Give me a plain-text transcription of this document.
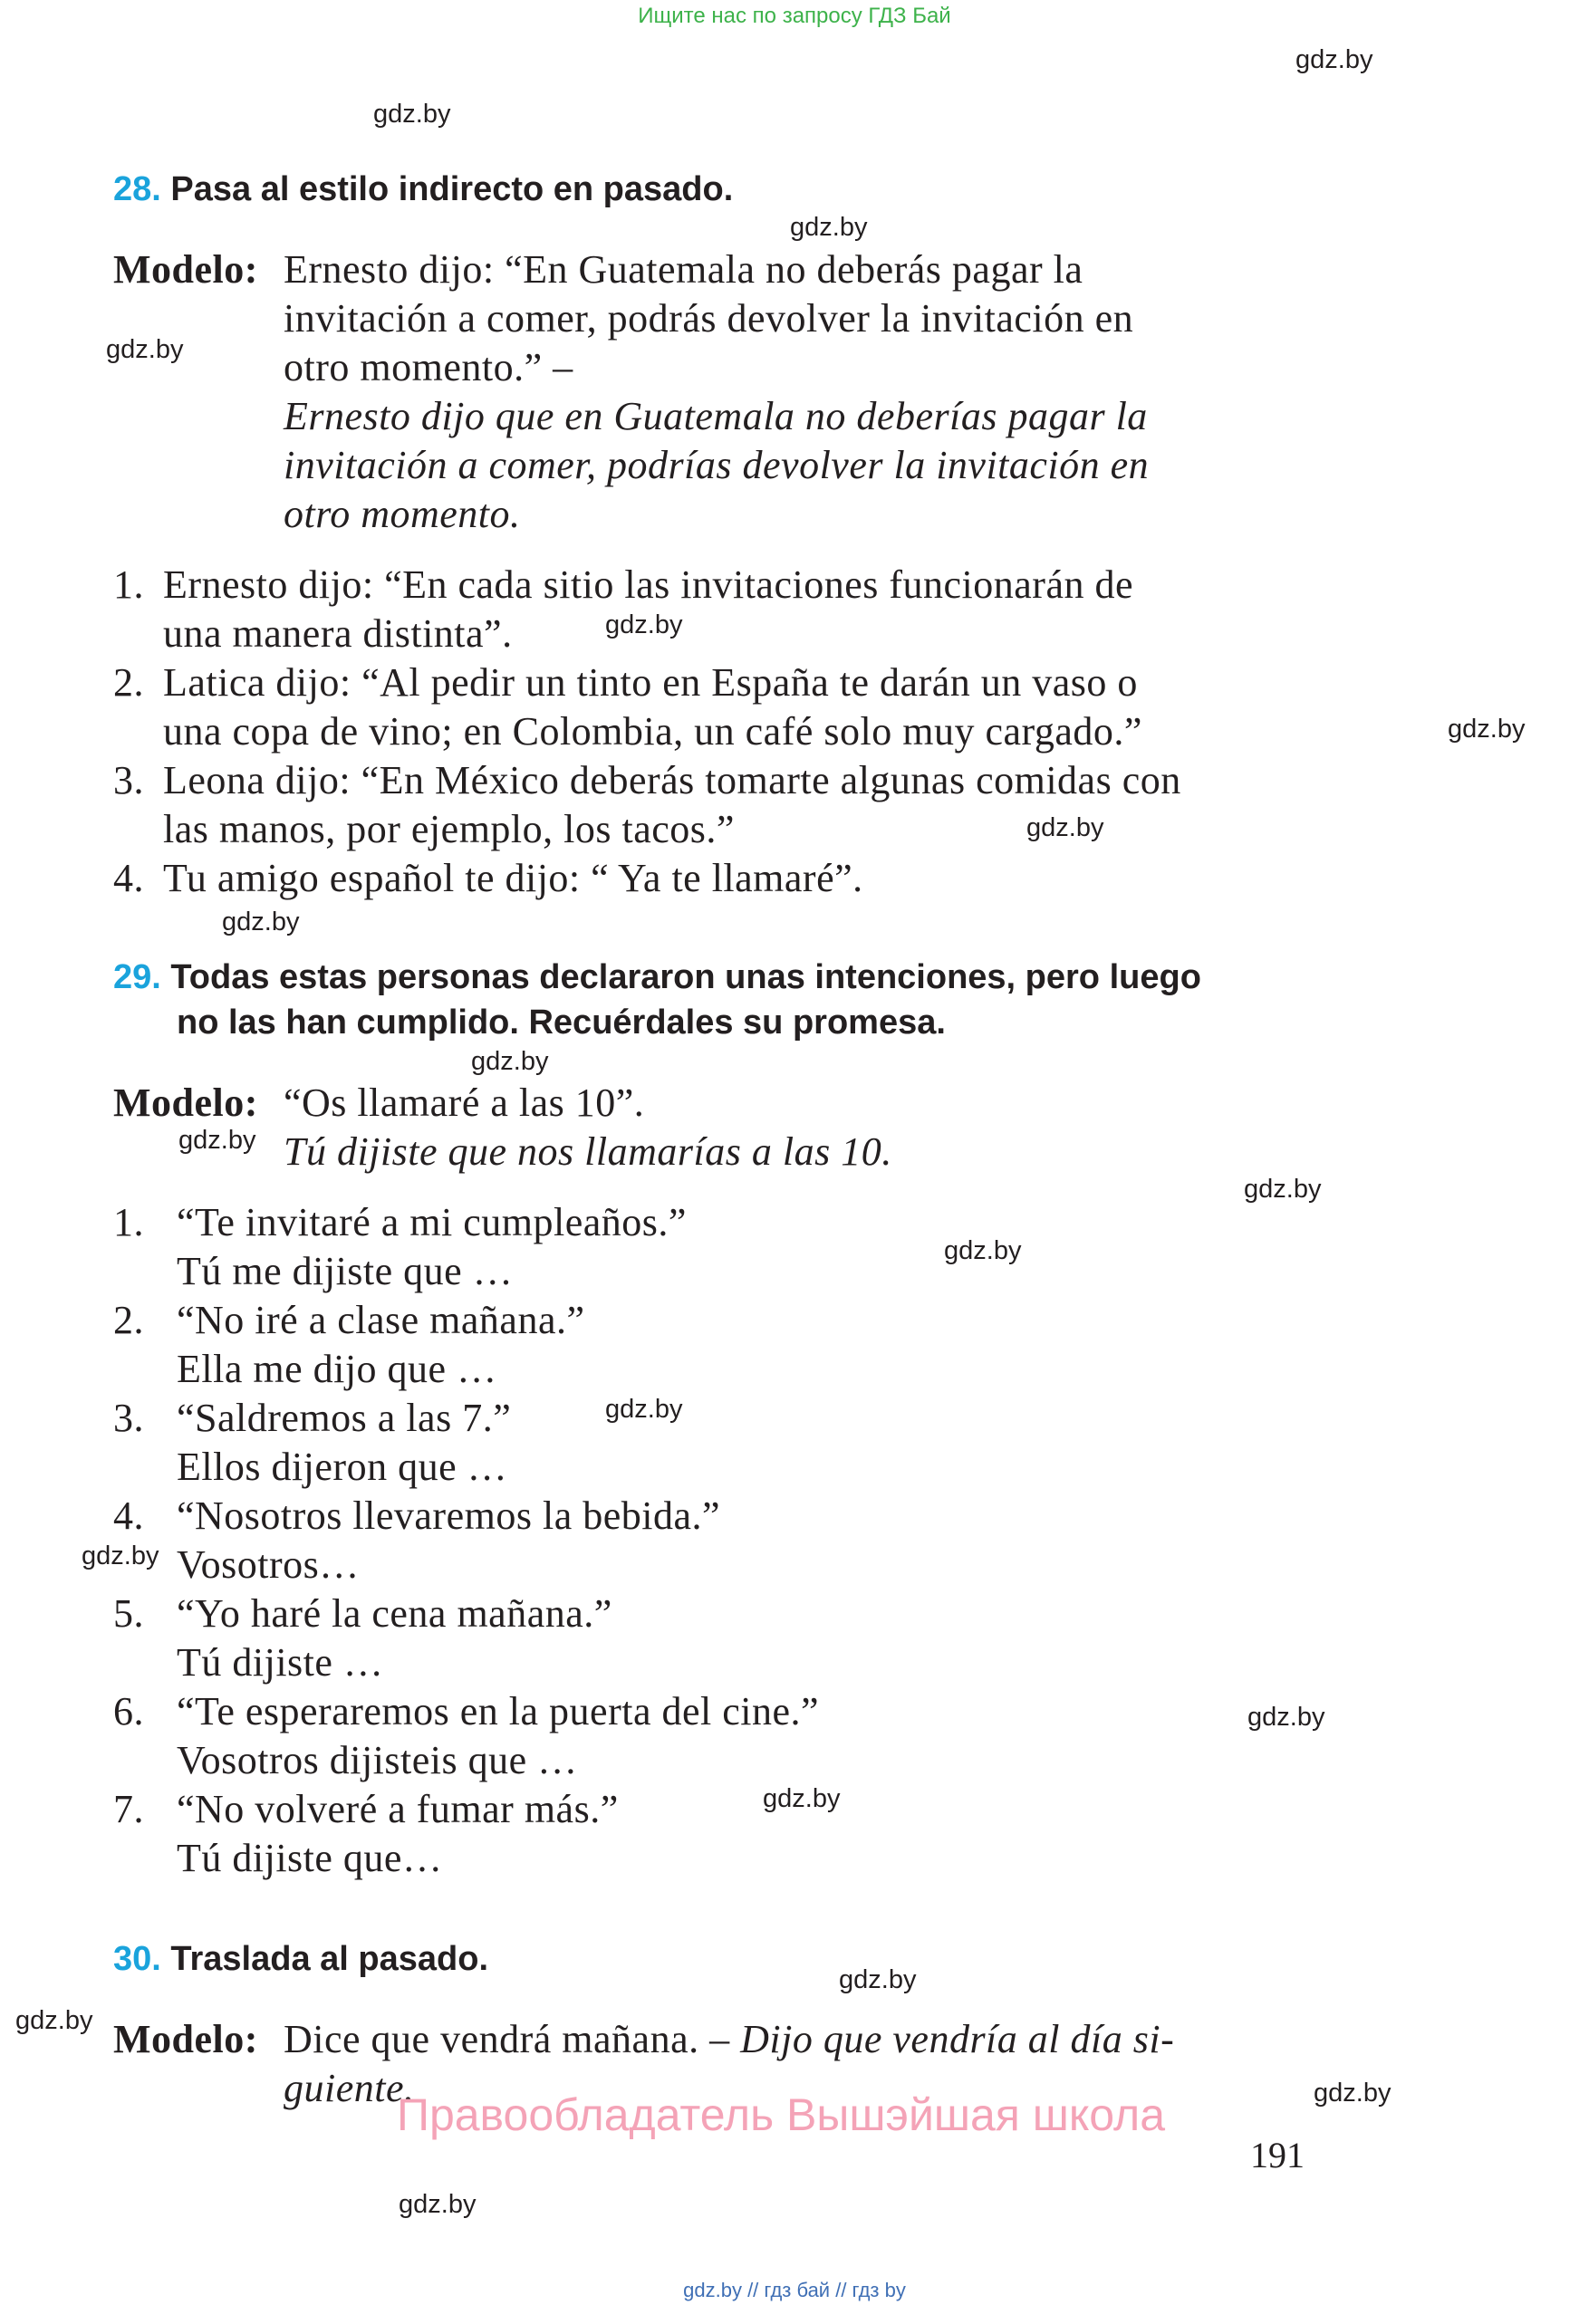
Ищите нас по запросу ГДЗ Бай
gdz.by
gdz.by
gdz.by
gdz.by
gdz.by
gdz.by
gdz.by
gdz.by
gdz.by
gdz.by
gdz.by
gdz.by
gdz.by
gdz.by
gdz.by
gdz.by
gdz.by
gdz.by
gdz.by
gdz.by
28. Pasa al estilo indirecto en pasado.
Modelo: Ernesto dijo: “En Guatemala no deberás pagar la
invitación a comer, podrás devolver la invitación en
otro momento.” –
Ernesto dijo que en Guatemala no deberías pagar la
invitación a comer, podrías devolver la invitación en
otro momento.
1. Ernesto dijo: “En cada sitio las invitaciones funcionarán de
una manera distinta”.
2. Latica dijo: “Al pedir un tinto en España te darán un vaso o
una copa de vino; en Colombia, un café solo muy cargado.”
3. Leona dijo: “En México deberás tomarte algunas comidas con
las manos, por ejemplo, los tacos.”
4. Tu amigo español te dijo: “ Ya te llamaré”.
29. Todas estas personas declararon unas intenciones, pero luego
no las han cumplido. Recuérdales su promesa.
Modelo: “Os llamaré a las 10”.
Tú dijiste que nos llamarías a las 10.
1. “Te invitaré a mi cumpleaños.”
Tú me dijiste que …
2. “No iré a clase mañana.”
Ella me dijo que …
3. “Saldremos a las 7.”
Ellos dijeron que …
4. “Nosotros llevaremos la bebida.”
Vosotros…
5. “Yo haré la cena mañana.”
Tú dijiste …
6. “Te esperaremos en la puerta del cine.”
Vosotros dijisteis que …
7. “No volveré a fumar más.”
Tú dijiste que…
30. Traslada al pasado.
Modelo: Dice que vendrá mañana. – Dijo que vendría al día si-
guiente.
Правообладатель Вышэйшая школа
191
gdz.by // гдз бай // гдз by
